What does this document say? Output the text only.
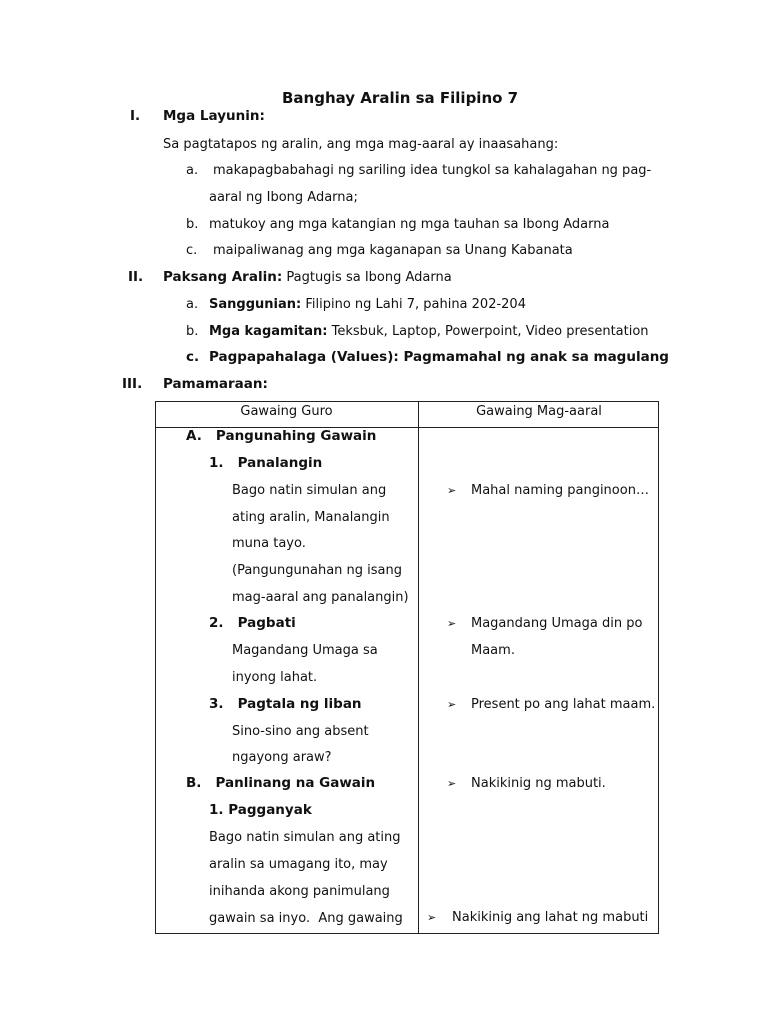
Banghay Aralin sa Filipino 7
I. Mga Layunin:
Sa pagtatapos ng aralin, ang mga mag-aaral ay inaasahang:
a. makapagbabahagi ng sariling idea tungkol sa kahalagahan ng pag-
aaral ng Ibong Adarna;
b. matukoy ang mga katangian ng mga tauhan sa Ibong Adarna
c. maipaliwanag ang mga kaganapan sa Unang Kabanata
II. Paksang Aralin: Pagtugis sa Ibong Adarna
a. Sanggunian: Filipino ng Lahi 7, pahina 202-204
b. Mga kagamitan: Teksbuk, Laptop, Powerpoint, Video presentation
c. Pagpapahalaga (Values): Pagmamahal ng anak sa magulang
III. Pamamaraan:
Gawaing Guro	Gawaing Mag-aaral
A.   Pangunahing Gawain
1.   Panalangin
Bago natin simulan ang
ating aralin, Manalangin
muna tayo.
(Pangungunahan ng isang
mag-aaral ang panalangin)
2.   Pagbati
Magandang Umaga sa
inyong lahat.
3.   Pagtala ng liban
Sino-sino ang absent
ngayong araw?
B.   Panlinang na Gawain
1. Pagganyak
Bago natin simulan ang ating
aralin sa umagang ito, may
inihanda akong panimulang
gawain sa inyo.  Ang gawaing
➢ Mahal naming panginoon…
➢ Magandang Umaga din po
Maam.
➢ Present po ang lahat maam.
➢ Nakikinig ng mabuti.
➢ Nakikinig ang lahat ng mabuti
